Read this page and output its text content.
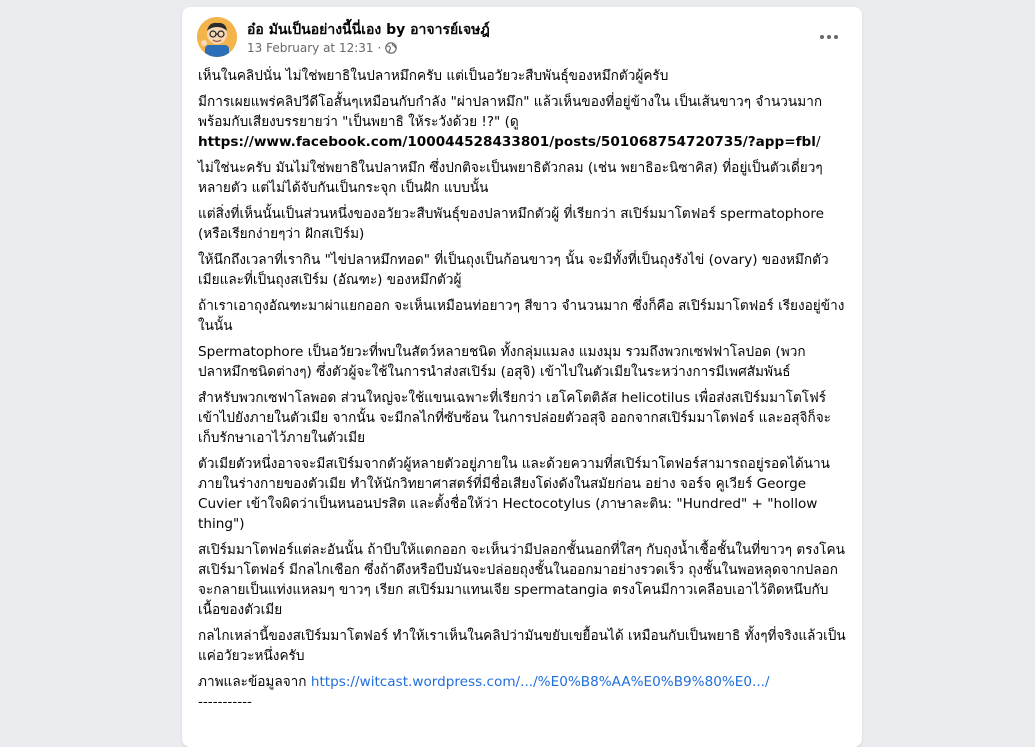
อ๋อ มันเป็นอย่างนี้นี่เอง by อาจารย์เจษฎ์
13 February at 12:31 ·

เห็นในคลิปนั่น ไม่ใช่พยาธิในปลาหมึกครับ แต่เป็นอวัยวะสืบพันธุ์ของหมึกตัวผู้ครับ

มีการเผยแพร่คลิปวีดีโอสั้นๆเหมือนกับกำลัง "ผ่าปลาหมึก" แล้วเห็นของที่อยู่ข้างใน เป็นเส้นขาวๆ จำนวนมาก พร้อมกับเสียงบรรยายว่า "เป็นพยาธิ ให้ระวังด้วย !?" (ดู https://www.facebook.com/100044528433801/posts/501068754720735/?app=fbl/

ไม่ใช่นะครับ มันไม่ใช่พยาธิในปลาหมึก ซึ่งปกติจะเป็นพยาธิตัวกลม (เช่น พยาธิอะนิซาคิส) ที่อยู่เป็นตัวเดี่ยวๆ หลายตัว แต่ไม่ได้จับกันเป็นกระจุก เป็นฝัก แบบนั้น

แต่สิ่งที่เห็นนั้นเป็นส่วนหนึ่งของอวัยวะสืบพันธุ์ของปลาหมึกตัวผู้ ที่เรียกว่า สเปิร์มมาโตฟอร์ spermatophore (หรือเรียกง่ายๆว่า ฝักสเปิร์ม)

ให้นึกถึงเวลาที่เรากิน "ไข่ปลาหมึกทอด" ที่เป็นถุงเป็นก้อนขาวๆ นั้น จะมีทั้งที่เป็นถุงรังไข่ (ovary) ของหมึกตัวเมียและที่เป็นถุงสเปิร์ม (อัณฑะ) ของหมึกตัวผู้

ถ้าเราเอาถุงอัณฑะมาผ่าแยกออก จะเห็นเหมือนท่อยาวๆ สีขาว จำนวนมาก ซึ่งก็คือ สเปิร์มมาโตฟอร์ เรียงอยู่ข้างในนั้น

Spermatophore เป็นอวัยวะที่พบในสัตว์หลายชนิด ทั้งกลุ่มแมลง แมงมุม รวมถึงพวกเซฟฟาโลปอด (พวกปลาหมึกชนิดต่างๆ) ซึ่งตัวผู้จะใช้ในการนำส่งสเปิร์ม (อสุจิ) เข้าไปในตัวเมียในระหว่างการมีเพศสัมพันธ์

สำหรับพวกเซฟาโลพอด ส่วนใหญ่จะใช้แขนเฉพาะที่เรียกว่า เฮโคโตติลัส helicotilus เพื่อส่งสเปิร์มมาโตโฟร์เข้าไปยังภายในตัวเมีย จากนั้น จะมีกลไกที่ซับซ้อน ในการปล่อยตัวอสุจิ ออกจากสเปิร์มมาโตฟอร์ และอสุจิก็จะเก็บรักษาเอาไว้ภายในตัวเมีย

ตัวเมียตัวหนึ่งอาจจะมีสเปิร์มจากตัวผู้หลายตัวอยู่ภายใน และด้วยความที่สเปิร์มาโตฟอร์สามารถอยู่รอดได้นานภายในร่างกายของตัวเมีย ทำให้นักวิทยาศาสตร์ที่มีชื่อเสียงโด่งดังในสมัยก่อน อย่าง จอร์จ คูเวียร์ George Cuvier เข้าใจผิดว่าเป็นหนอนปรสิต และตั้งชื่อให้ว่า Hectocotylus (ภาษาละติน: "Hundred" + "hollow thing")

สเปิร์มมาโตฟอร์แต่ละอันนั้น ถ้าบีบให้แตกออก จะเห็นว่ามีปลอกชั้นนอกที่ใสๆ กับถุงน้ำเชื้อชั้นในที่ขาวๆ ตรงโคนสเปิร์มาโตฟอร์ มีกลไกเชือก ซึ่งถ้าดึงหรือบีบมันจะปล่อยถุงชั้นในออกมาอย่างรวดเร็ว ถุงชั้นในพอหลุดจากปลอก จะกลายเป็นแท่งแหลมๆ ขาวๆ เรียก สเปิร์มมาแทนเจีย spermatangia ตรงโคนมีกาวเคลือบเอาไว้ติดหนึบกับเนื้อของตัวเมีย

กลไกเหล่านี้ของสเปิร์มมาโตฟอร์ ทำให้เราเห็นในคลิปว่ามันขยับเขยื้อนได้ เหมือนกับเป็นพยาธิ ทั้งๆที่จริงแล้วเป็นแค่อวัยวะหนึ่งครับ

ภาพและข้อมูลจาก https://witcast.wordpress.com/.../%E0%B8%AA%E0%B9%80%E0.../

-----------
